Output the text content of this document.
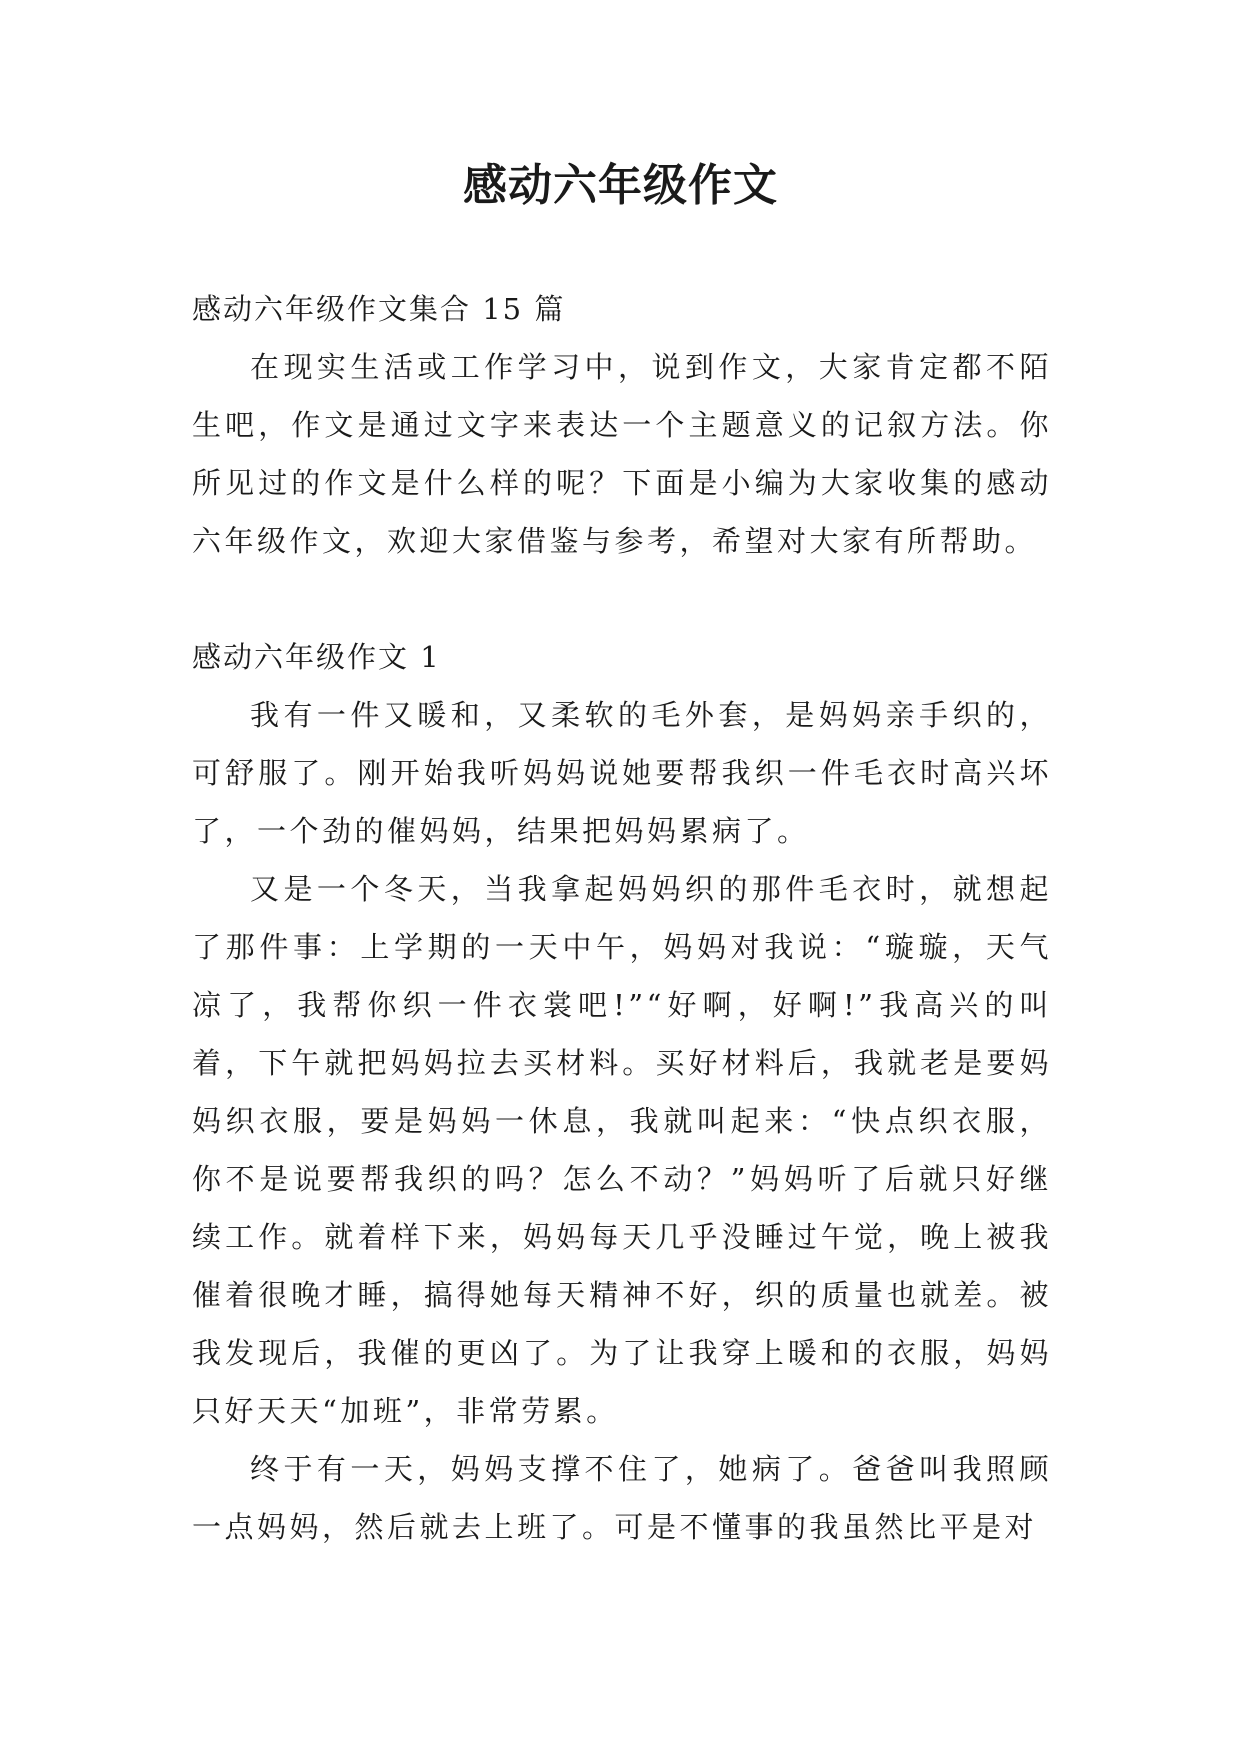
感动六年级作文

感动六年级作文集合 15 篇

在现实生活或工作学习中，说到作文，大家肯定都不陌生吧，作文是通过文字来表达一个主题意义的记叙方法。你所见过的作文是什么样的呢？下面是小编为大家收集的感动六年级作文，欢迎大家借鉴与参考，希望对大家有所帮助。

感动六年级作文 1

我有一件又暖和，又柔软的毛外套，是妈妈亲手织的，可舒服了。刚开始我听妈妈说她要帮我织一件毛衣时高兴坏了，一个劲的催妈妈，结果把妈妈累病了。

又是一个冬天，当我拿起妈妈织的那件毛衣时，就想起了那件事：上学期的一天中午，妈妈对我说：“璇璇，天气凉了，我帮你织一件衣裳吧!”“好啊，好啊!”我高兴的叫着，下午就把妈妈拉去买材料。买好材料后，我就老是要妈妈织衣服，要是妈妈一休息，我就叫起来：“快点织衣服，你不是说要帮我织的吗？怎么不动？”妈妈听了后就只好继续工作。就着样下来，妈妈每天几乎没睡过午觉，晚上被我催着很晚才睡，搞得她每天精神不好，织的质量也就差。被我发现后，我催的更凶了。为了让我穿上暖和的衣服，妈妈只好天天“加班”，非常劳累。

终于有一天，妈妈支撑不住了，她病了。爸爸叫我照顾一点妈妈，然后就去上班了。可是不懂事的我虽然比平是对
